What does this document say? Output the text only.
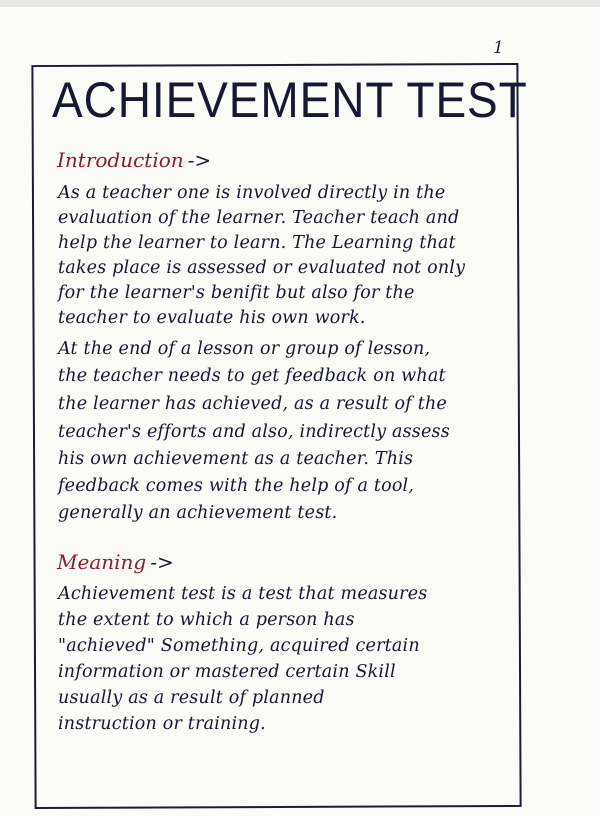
1
ACHIEVEMENT TEST
Introduction ->
As a teacher one is involved directly in the
evaluation of the learner. Teacher teach and
help the learner to learn. The Learning that
takes place is assessed or evaluated not only
for the learner's benifit but also for the
teacher to evaluate his own work.
At the end of a lesson or group of lesson,
the teacher needs to get feedback on what
the learner has achieved, as a result of the
teacher's efforts and also, indirectly assess
his own achievement as a teacher. This
feedback comes with the help of a tool,
generally an achievement test.
Meaning ->
Achievement test is a test that measures
the extent to which a person has
"achieved" Something, acquired certain
information or mastered certain Skill
usually as a result of planned
instruction or training.
